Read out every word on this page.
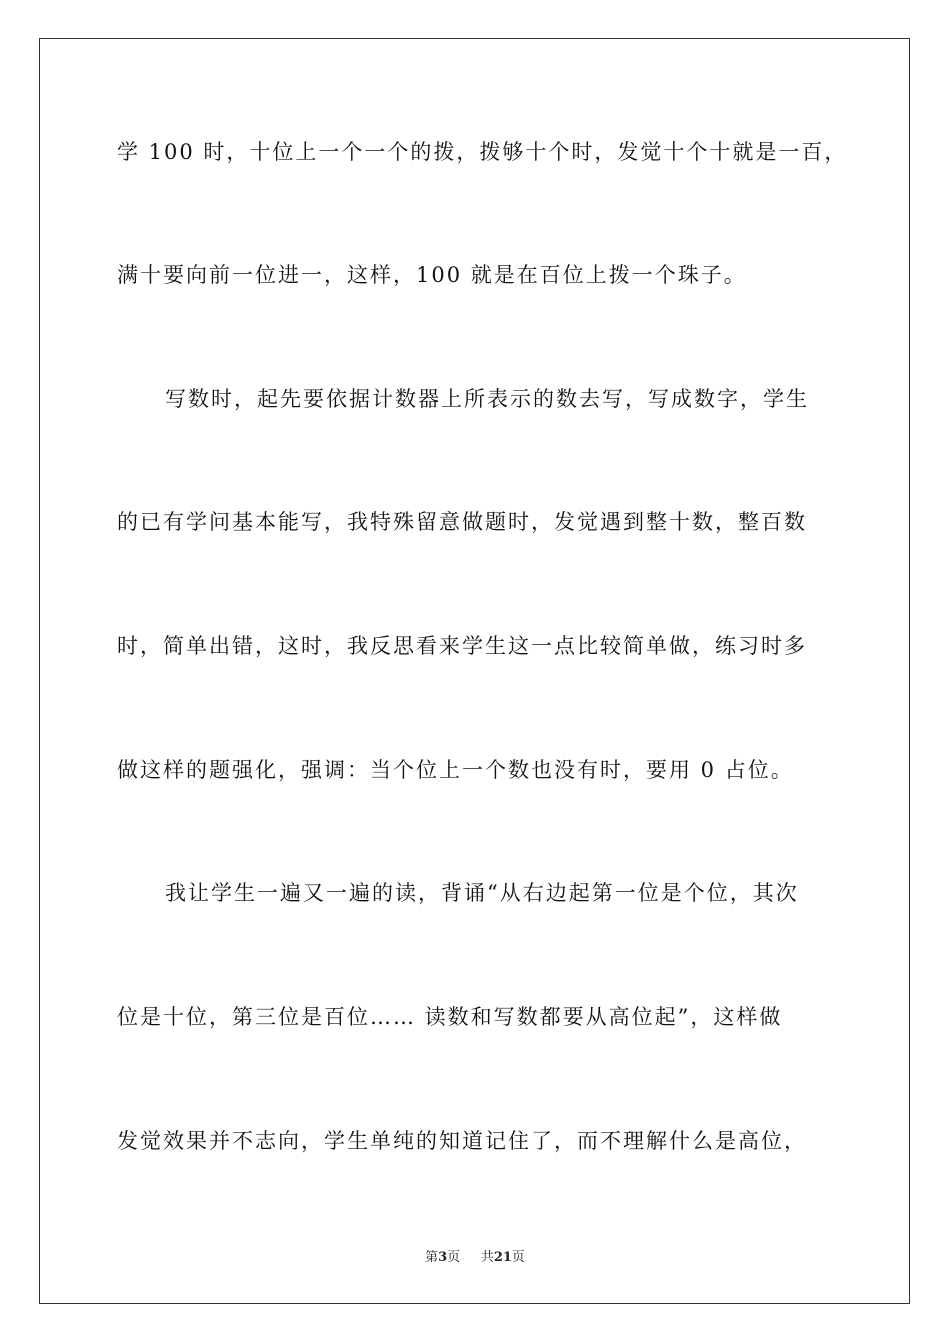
学 100 时，十位上一个一个的拨，拨够十个时，发觉十个十就是一百，
满十要向前一位进一，这样，100 就是在百位上拨一个珠子。
写数时，起先要依据计数器上所表示的数去写，写成数字，学生
的已有学问基本能写，我特殊留意做题时，发觉遇到整十数，整百数
时，简单出错，这时，我反思看来学生这一点比较简单做，练习时多
做这样的题强化，强调：当个位上一个数也没有时，要用 0 占位。
我让学生一遍又一遍的读，背诵“从右边起第一位是个位，其次
位是十位，第三位是百位…… 读数和写数都要从高位起”，这样做
发觉效果并不志向，学生单纯的知道记住了，而不理解什么是高位，
第3页 共21页
